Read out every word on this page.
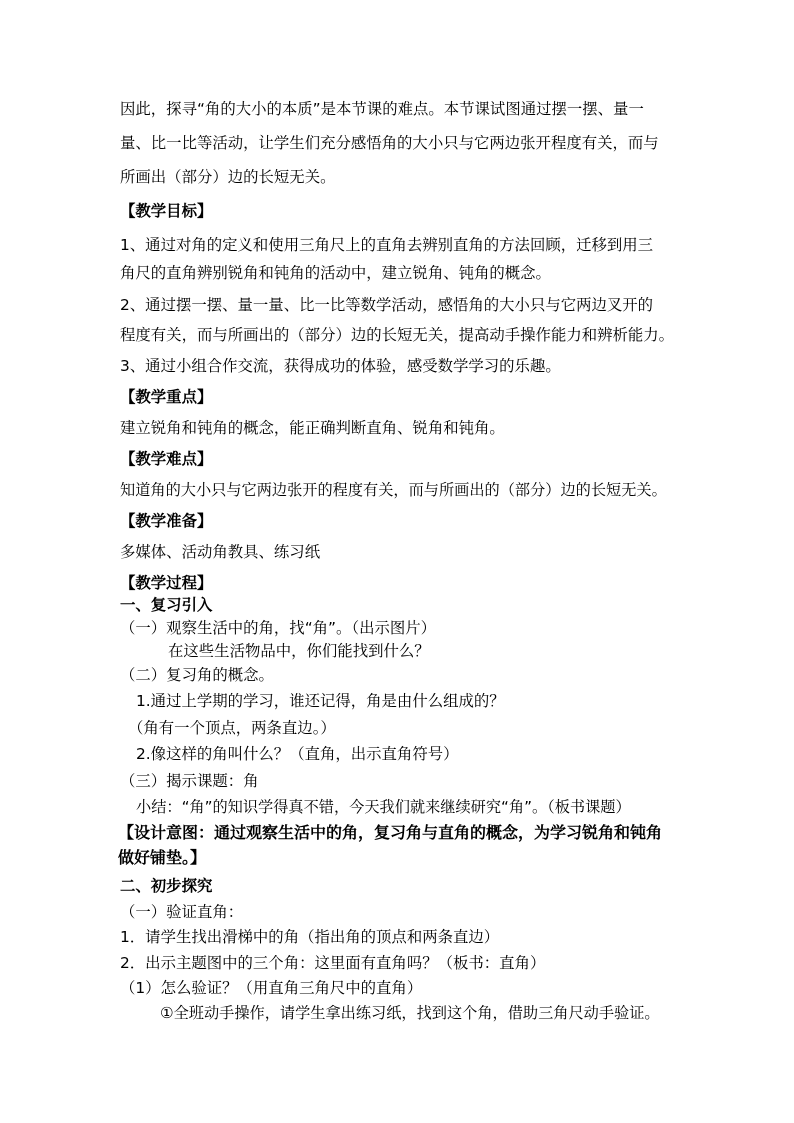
因此，探寻“角的大小的本质”是本节课的难点。本节课试图通过摆一摆、量一
量、比一比等活动，让学生们充分感悟角的大小只与它两边张开程度有关，而与
所画出（部分）边的长短无关。
【教学目标】
1、通过对角的定义和使用三角尺上的直角去辨别直角的方法回顾，迁移到用三
角尺的直角辨别锐角和钝角的活动中，建立锐角、钝角的概念。
2、通过摆一摆、量一量、比一比等数学活动，感悟角的大小只与它两边叉开的
程度有关，而与所画出的（部分）边的长短无关，提高动手操作能力和辨析能力。
3、通过小组合作交流，获得成功的体验，感受数学学习的乐趣。
【教学重点】
建立锐角和钝角的概念，能正确判断直角、锐角和钝角。
【教学难点】
知道角的大小只与它两边张开的程度有关，而与所画出的（部分）边的长短无关。
【教学准备】
多媒体、活动角教具、练习纸
【教学过程】
一、复习引入
（一）观察生活中的角，找“角”。（出示图片）
在这些生活物品中，你们能找到什么？
（二）复习角的概念。
1.通过上学期的学习，谁还记得，角是由什么组成的？
（角有一个顶点，两条直边。）
2.像这样的角叫什么？（直角，出示直角符号）
（三）揭示课题：角
小结：“角”的知识学得真不错，今天我们就来继续研究“角”。（板书课题）
【设计意图：通过观察生活中的角，复习角与直角的概念，为学习锐角和钝角
做好铺垫。】
二、初步探究
（一）验证直角：
1．请学生找出滑梯中的角（指出角的顶点和两条直边）
2．出示主题图中的三个角：这里面有直角吗？（板书：直角）
（1）怎么验证？（用直角三角尺中的直角）
①全班动手操作，请学生拿出练习纸，找到这个角，借助三角尺动手验证。
